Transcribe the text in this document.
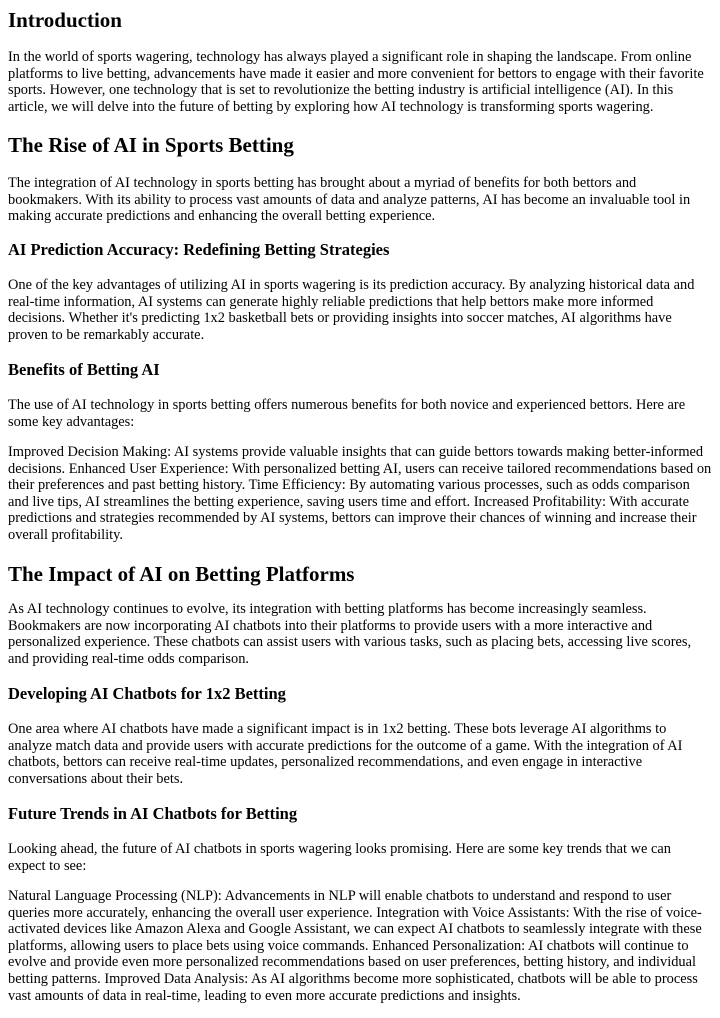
Introduction

In the world of sports wagering, technology has always played a significant role in shaping the landscape. From online platforms to live betting, advancements have made it easier and more convenient for bettors to engage with their favorite sports. However, one technology that is set to revolutionize the betting industry is artificial intelligence (AI). In this article, we will delve into the future of betting by exploring how AI technology is transforming sports wagering.

The Rise of AI in Sports Betting

The integration of AI technology in sports betting has brought about a myriad of benefits for both bettors and bookmakers. With its ability to process vast amounts of data and analyze patterns, AI has become an invaluable tool in making accurate predictions and enhancing the overall betting experience.

AI Prediction Accuracy: Redefining Betting Strategies

One of the key advantages of utilizing AI in sports wagering is its prediction accuracy. By analyzing historical data and real-time information, AI systems can generate highly reliable predictions that help bettors make more informed decisions. Whether it's predicting 1x2 basketball bets or providing insights into soccer matches, AI algorithms have proven to be remarkably accurate.

Benefits of Betting AI

The use of AI technology in sports betting offers numerous benefits for both novice and experienced bettors. Here are some key advantages:

Improved Decision Making: AI systems provide valuable insights that can guide bettors towards making better-informed decisions. Enhanced User Experience: With personalized betting AI, users can receive tailored recommendations based on their preferences and past betting history. Time Efficiency: By automating various processes, such as odds comparison and live tips, AI streamlines the betting experience, saving users time and effort. Increased Profitability: With accurate predictions and strategies recommended by AI systems, bettors can improve their chances of winning and increase their overall profitability.

The Impact of AI on Betting Platforms

As AI technology continues to evolve, its integration with betting platforms has become increasingly seamless. Bookmakers are now incorporating AI chatbots into their platforms to provide users with a more interactive and personalized experience. These chatbots can assist users with various tasks, such as placing bets, accessing live scores, and providing real-time odds comparison.

Developing AI Chatbots for 1x2 Betting

One area where AI chatbots have made a significant impact is in 1x2 betting. These bots leverage AI algorithms to analyze match data and provide users with accurate predictions for the outcome of a game. With the integration of AI chatbots, bettors can receive real-time updates, personalized recommendations, and even engage in interactive conversations about their bets.

Future Trends in AI Chatbots for Betting

Looking ahead, the future of AI chatbots in sports wagering looks promising. Here are some key trends that we can expect to see:

Natural Language Processing (NLP): Advancements in NLP will enable chatbots to understand and respond to user queries more accurately, enhancing the overall user experience. Integration with Voice Assistants: With the rise of voice-activated devices like Amazon Alexa and Google Assistant, we can expect AI chatbots to seamlessly integrate with these platforms, allowing users to place bets using voice commands. Enhanced Personalization: AI chatbots will continue to evolve and provide even more personalized recommendations based on user preferences, betting history, and individual betting patterns. Improved Data Analysis: As AI algorithms become more sophisticated, chatbots will be able to process vast amounts of data in real-time, leading to even more accurate predictions and insights.
